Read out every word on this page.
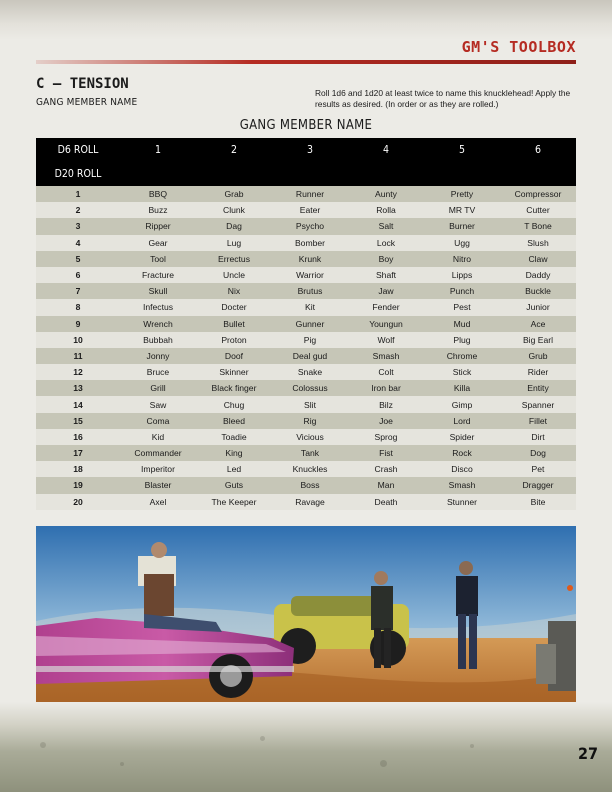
GM'S TOOLBOX
C – TENSION
GANG MEMBER NAME
Roll 1d6 and 1d20 at least twice to name this knucklehead! Apply the results as desired. (In order or as they are rolled.)
GANG MEMBER NAME
D6 ROLL	1	2	3	4	5	6
D20 ROLL						
1	BBQ	Grab	Runner	Aunty	Pretty	Compressor
2	Buzz	Clunk	Eater	Rolla	MR TV	Cutter
3	Ripper	Dag	Psycho	Salt	Burner	T Bone
4	Gear	Lug	Bomber	Lock	Ugg	Slush
5	Tool	Errectus	Krunk	Boy	Nitro	Claw
6	Fracture	Uncle	Warrior	Shaft	Lipps	Daddy
7	Skull	Nix	Brutus	Jaw	Punch	Buckle
8	Infectus	Docter	Kit	Fender	Pest	Junior
9	Wrench	Bullet	Gunner	Youngun	Mud	Ace
10	Bubbah	Proton	Pig	Wolf	Plug	Big Earl
11	Jonny	Doof	Deal gud	Smash	Chrome	Grub
12	Bruce	Skinner	Snake	Colt	Stick	Rider
13	Grill	Black finger	Colossus	Iron bar	Killa	Entity
14	Saw	Chug	Slit	Bilz	Gimp	Spanner
15	Coma	Bleed	Rig	Joe	Lord	Fillet
16	Kid	Toadie	Vicious	Sprog	Spider	Dirt
17	Commander	King	Tank	Fist	Rock	Dog
18	Imperitor	Led	Knuckles	Crash	Disco	Pet
19	Blaster	Guts	Boss	Man	Smash	Dragger
20	Axel	The Keeper	Ravage	Death	Stunner	Bite
27
